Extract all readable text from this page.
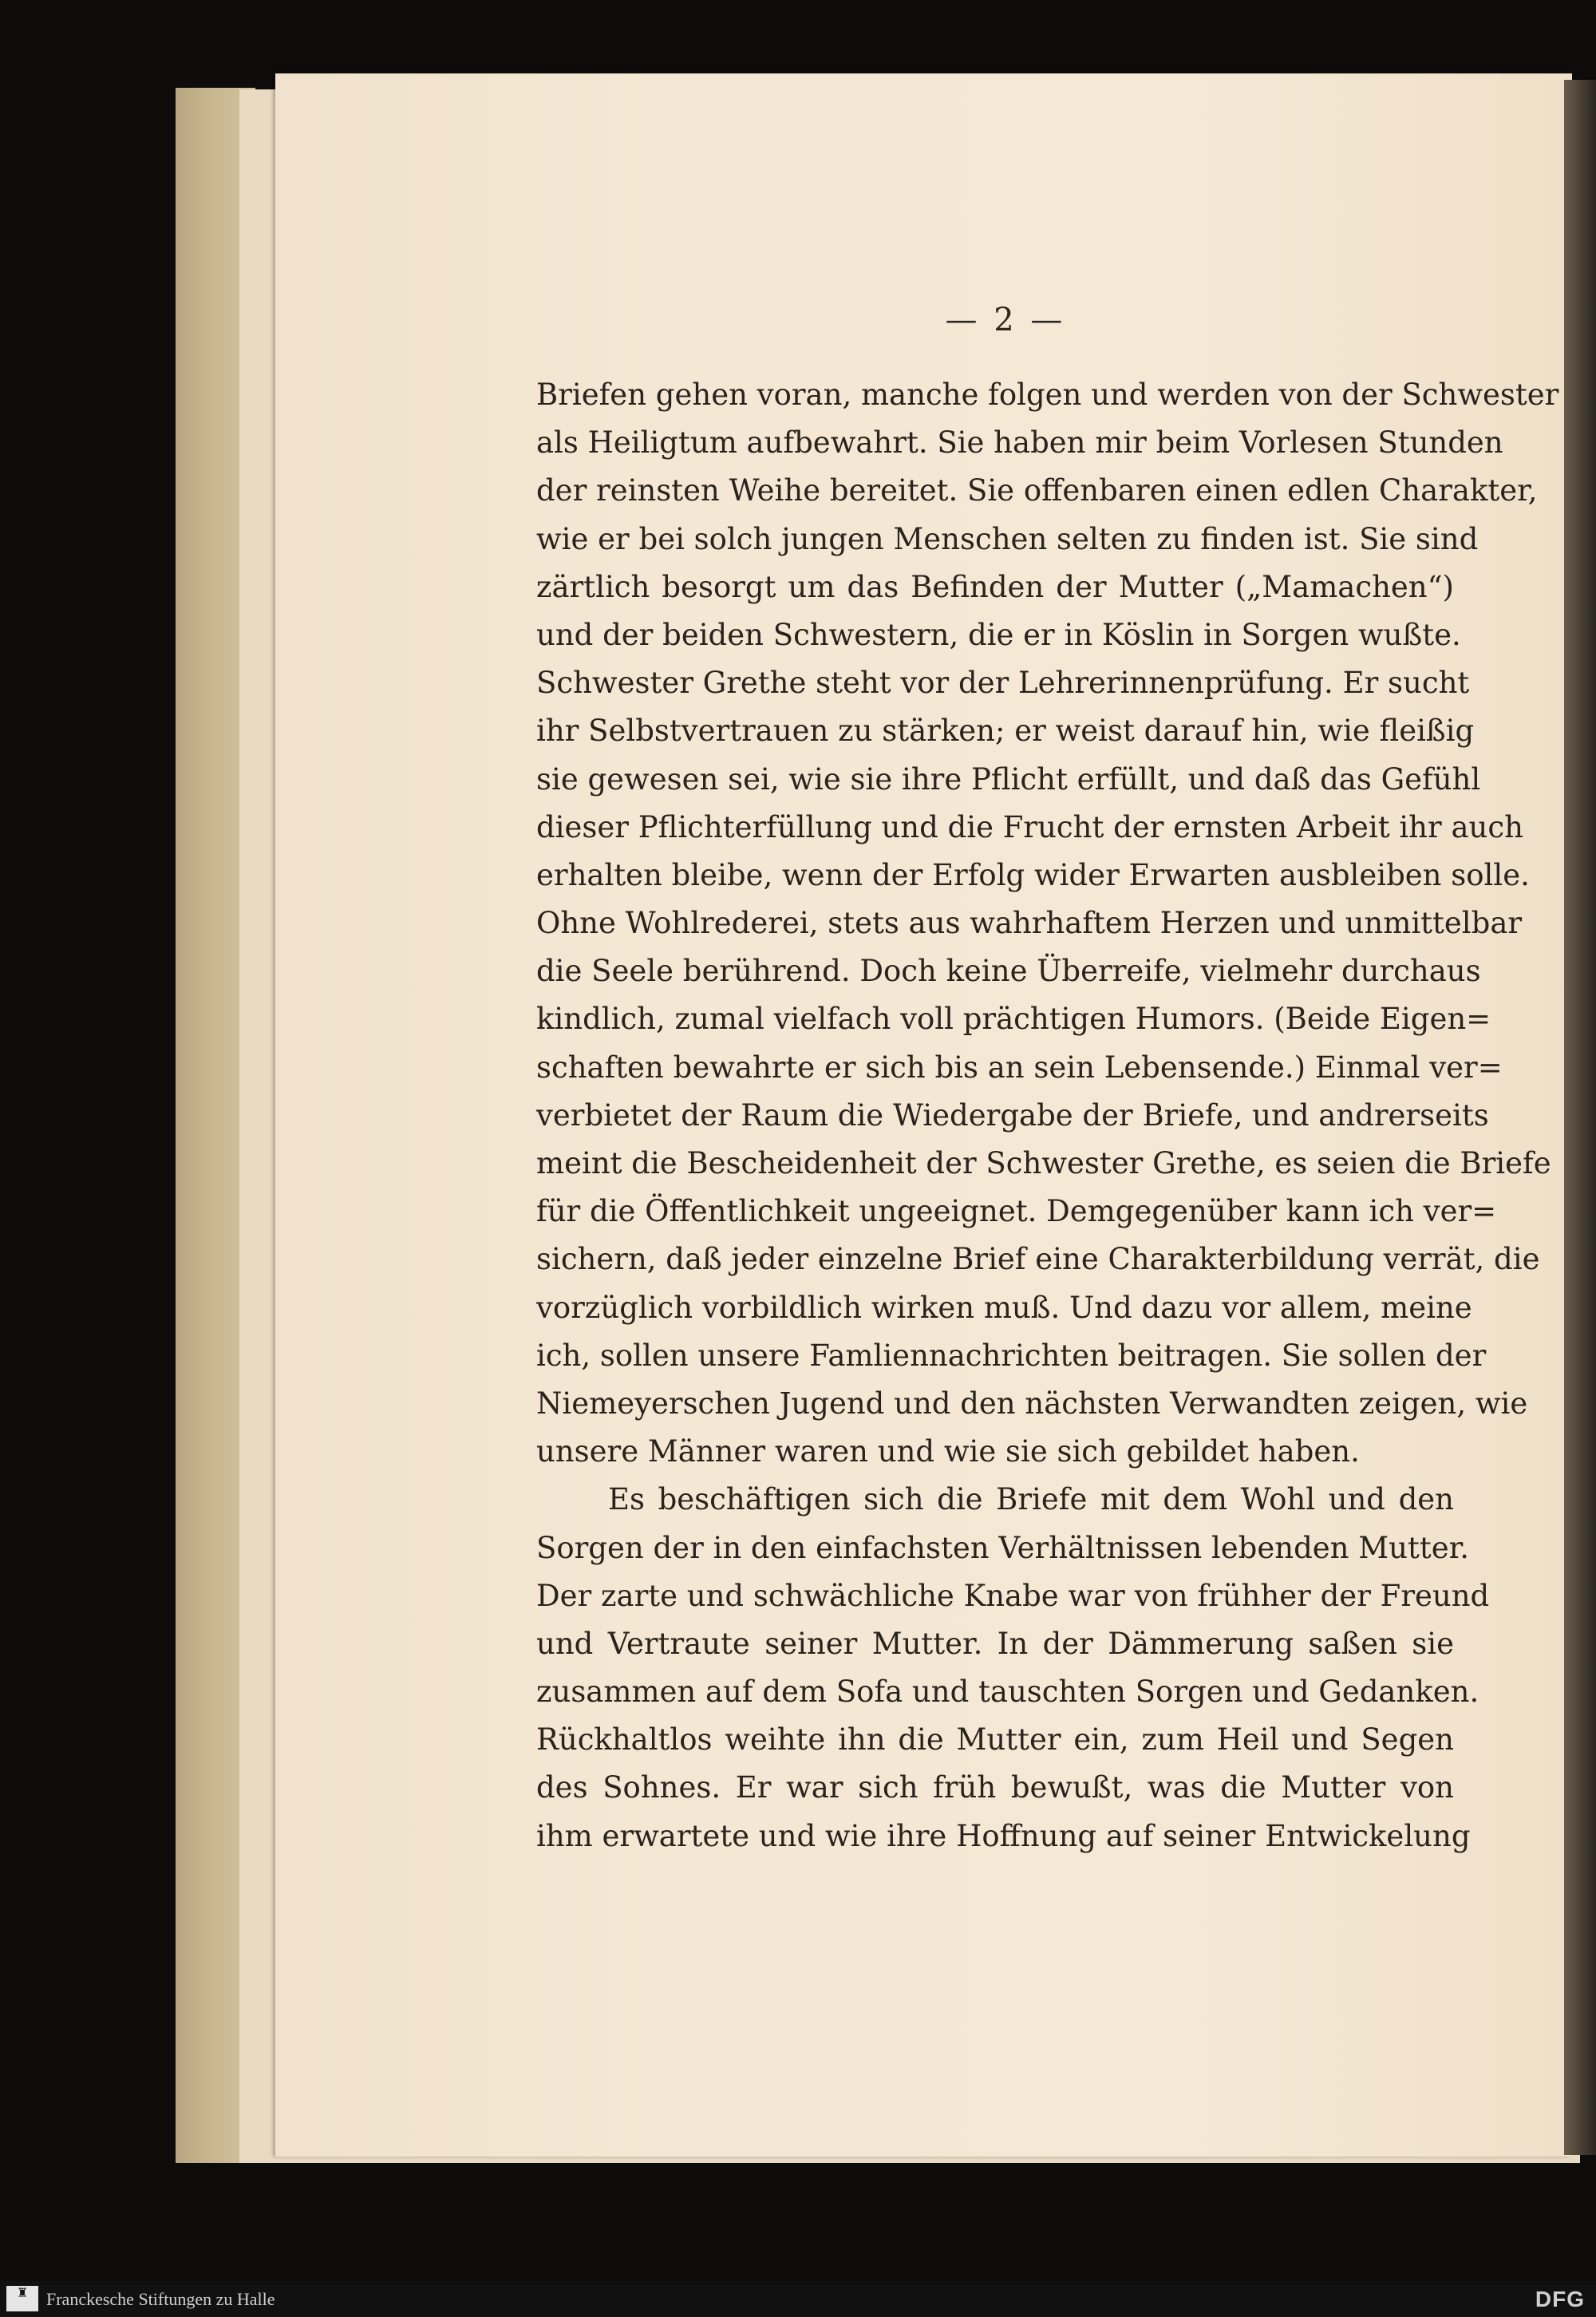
— 2 —
Briefen gehen voran, manche folgen und werden von der Schwester
als Heiligtum aufbewahrt. Sie haben mir beim Vorlesen Stunden
der reinsten Weihe bereitet. Sie offenbaren einen edlen Charakter,
wie er bei solch jungen Menschen selten zu finden ist. Sie sind
zärtlich besorgt um das Befinden der Mutter („Mamachen“)
und der beiden Schwestern, die er in Köslin in Sorgen wußte.
Schwester Grethe steht vor der Lehrerinnenprüfung. Er sucht
ihr Selbstvertrauen zu stärken; er weist darauf hin, wie fleißig
sie gewesen sei, wie sie ihre Pflicht erfüllt, und daß das Gefühl
dieser Pflichterfüllung und die Frucht der ernsten Arbeit ihr auch
erhalten bleibe, wenn der Erfolg wider Erwarten ausbleiben solle.
Ohne Wohlrederei, stets aus wahrhaftem Herzen und unmittelbar
die Seele berührend. Doch keine Überreife, vielmehr durchaus
kindlich, zumal vielfach voll prächtigen Humors. (Beide Eigen=
schaften bewahrte er sich bis an sein Lebensende.) Einmal ver=
verbietet der Raum die Wiedergabe der Briefe, und andrerseits
meint die Bescheidenheit der Schwester Grethe, es seien die Briefe
für die Öffentlichkeit ungeeignet. Demgegenüber kann ich ver=
sichern, daß jeder einzelne Brief eine Charakterbildung verrät, die
vorzüglich vorbildlich wirken muß. Und dazu vor allem, meine
ich, sollen unsere Famliennachrichten beitragen. Sie sollen der
Niemeyerschen Jugend und den nächsten Verwandten zeigen, wie
unsere Männer waren und wie sie sich gebildet haben.
Es beschäftigen sich die Briefe mit dem Wohl und den
Sorgen der in den einfachsten Verhältnissen lebenden Mutter.
Der zarte und schwächliche Knabe war von frühher der Freund
und Vertraute seiner Mutter. In der Dämmerung saßen sie
zusammen auf dem Sofa und tauschten Sorgen und Gedanken.
Rückhaltlos weihte ihn die Mutter ein, zum Heil und Segen
des Sohnes. Er war sich früh bewußt, was die Mutter von
ihm erwartete und wie ihre Hoffnung auf seiner Entwickelung
♜	Franckesche Stiftungen zu Halle	DFG
